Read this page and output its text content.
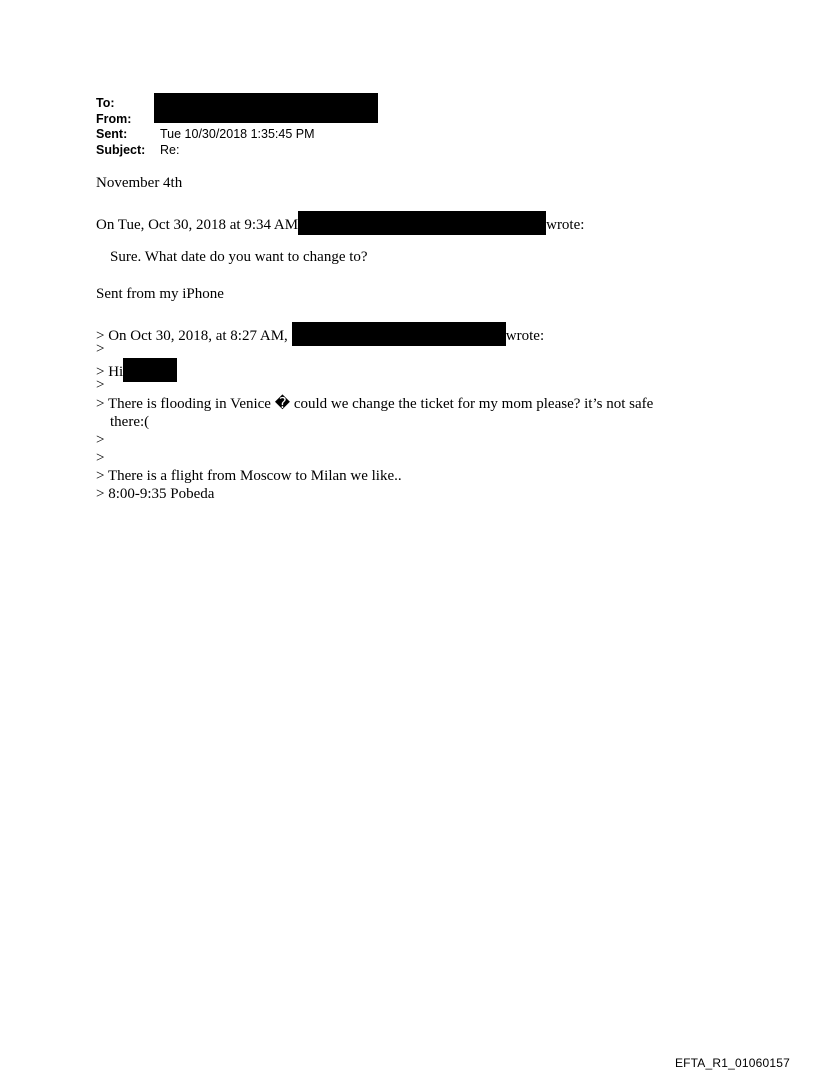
To:
From:
Sent:	Tue 10/30/2018 1:35:45 PM
Subject: Re:
November 4th
On Tue, Oct 30, 2018 at 9:34 AM	wrote:
Sure. What date do you want to change to?
Sent from my iPhone
> On Oct 30, 2018, at 8:27 AM,	wrote:
>
> Hi
>
> There is flooding in Venice � could we change the ticket for my mom please? it’s not safe
there:(
>
>
> There is a flight from Moscow to Milan we like..
> 8:00-9:35 Pobeda
EFTA_R1_01060157
